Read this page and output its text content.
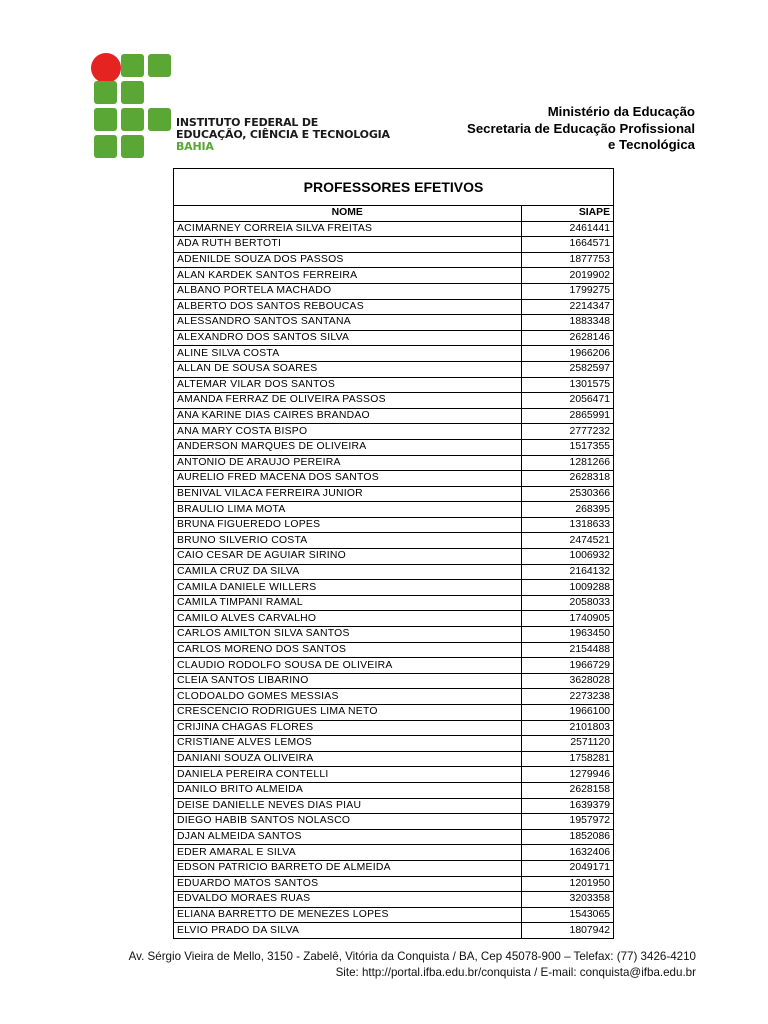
INSTITUTO FEDERAL DE
EDUCAÇÃO, CIÊNCIA E TECNOLOGIA
BAHIA
Ministério da Educação
Secretaria de Educação Profissional
e Tecnológica
PROFESSORES EFETIVOS
NOME	SIAPE
ACIMARNEY CORREIA SILVA FREITAS	2461441
ADA RUTH BERTOTI	1664571
ADENILDE SOUZA DOS PASSOS	1877753
ALAN KARDEK SANTOS FERREIRA	2019902
ALBANO PORTELA MACHADO	1799275
ALBERTO DOS SANTOS REBOUCAS	2214347
ALESSANDRO SANTOS SANTANA	1883348
ALEXANDRO DOS SANTOS SILVA	2628146
ALINE SILVA COSTA	1966206
ALLAN DE SOUSA SOARES	2582597
ALTEMAR VILAR DOS SANTOS	1301575
AMANDA FERRAZ DE OLIVEIRA PASSOS	2056471
ANA KARINE DIAS CAIRES BRANDAO	2865991
ANA MARY COSTA BISPO	2777232
ANDERSON MARQUES DE OLIVEIRA	1517355
ANTONIO DE ARAUJO PEREIRA	1281266
AURELIO FRED MACENA DOS SANTOS	2628318
BENIVAL VILACA FERREIRA JUNIOR	2530366
BRAULIO LIMA MOTA	268395
BRUNA FIGUEREDO LOPES	1318633
BRUNO SILVERIO COSTA	2474521
CAIO CESAR DE AGUIAR SIRINO	1006932
CAMILA CRUZ DA SILVA	2164132
CAMILA DANIELE WILLERS	1009288
CAMILA TIMPANI RAMAL	2058033
CAMILO ALVES CARVALHO	1740905
CARLOS AMILTON SILVA SANTOS	1963450
CARLOS MORENO DOS SANTOS	2154488
CLAUDIO RODOLFO SOUSA DE OLIVEIRA	1966729
CLEIA SANTOS LIBARINO	3628028
CLODOALDO GOMES MESSIAS	2273238
CRESCENCIO RODRIGUES LIMA NETO	1966100
CRIJINA CHAGAS FLORES	2101803
CRISTIANE ALVES LEMOS	2571120
DANIANI SOUZA OLIVEIRA	1758281
DANIELA PEREIRA CONTELLI	1279946
DANILO BRITO ALMEIDA	2628158
DEISE DANIELLE NEVES DIAS PIAU	1639379
DIEGO HABIB SANTOS NOLASCO	1957972
DJAN ALMEIDA SANTOS	1852086
EDER AMARAL E SILVA	1632406
EDSON PATRICIO BARRETO DE ALMEIDA	2049171
EDUARDO MATOS SANTOS	1201950
EDVALDO MORAES RUAS	3203358
ELIANA BARRETTO DE MENEZES LOPES	1543065
ELVIO PRADO DA SILVA	1807942
Av. Sérgio Vieira de Mello, 3150 - Zabelê, Vitória da Conquista / BA, Cep 45078-900 – Telefax: (77) 3426-4210
Site: http://portal.ifba.edu.br/conquista / E-mail: conquista@ifba.edu.br
